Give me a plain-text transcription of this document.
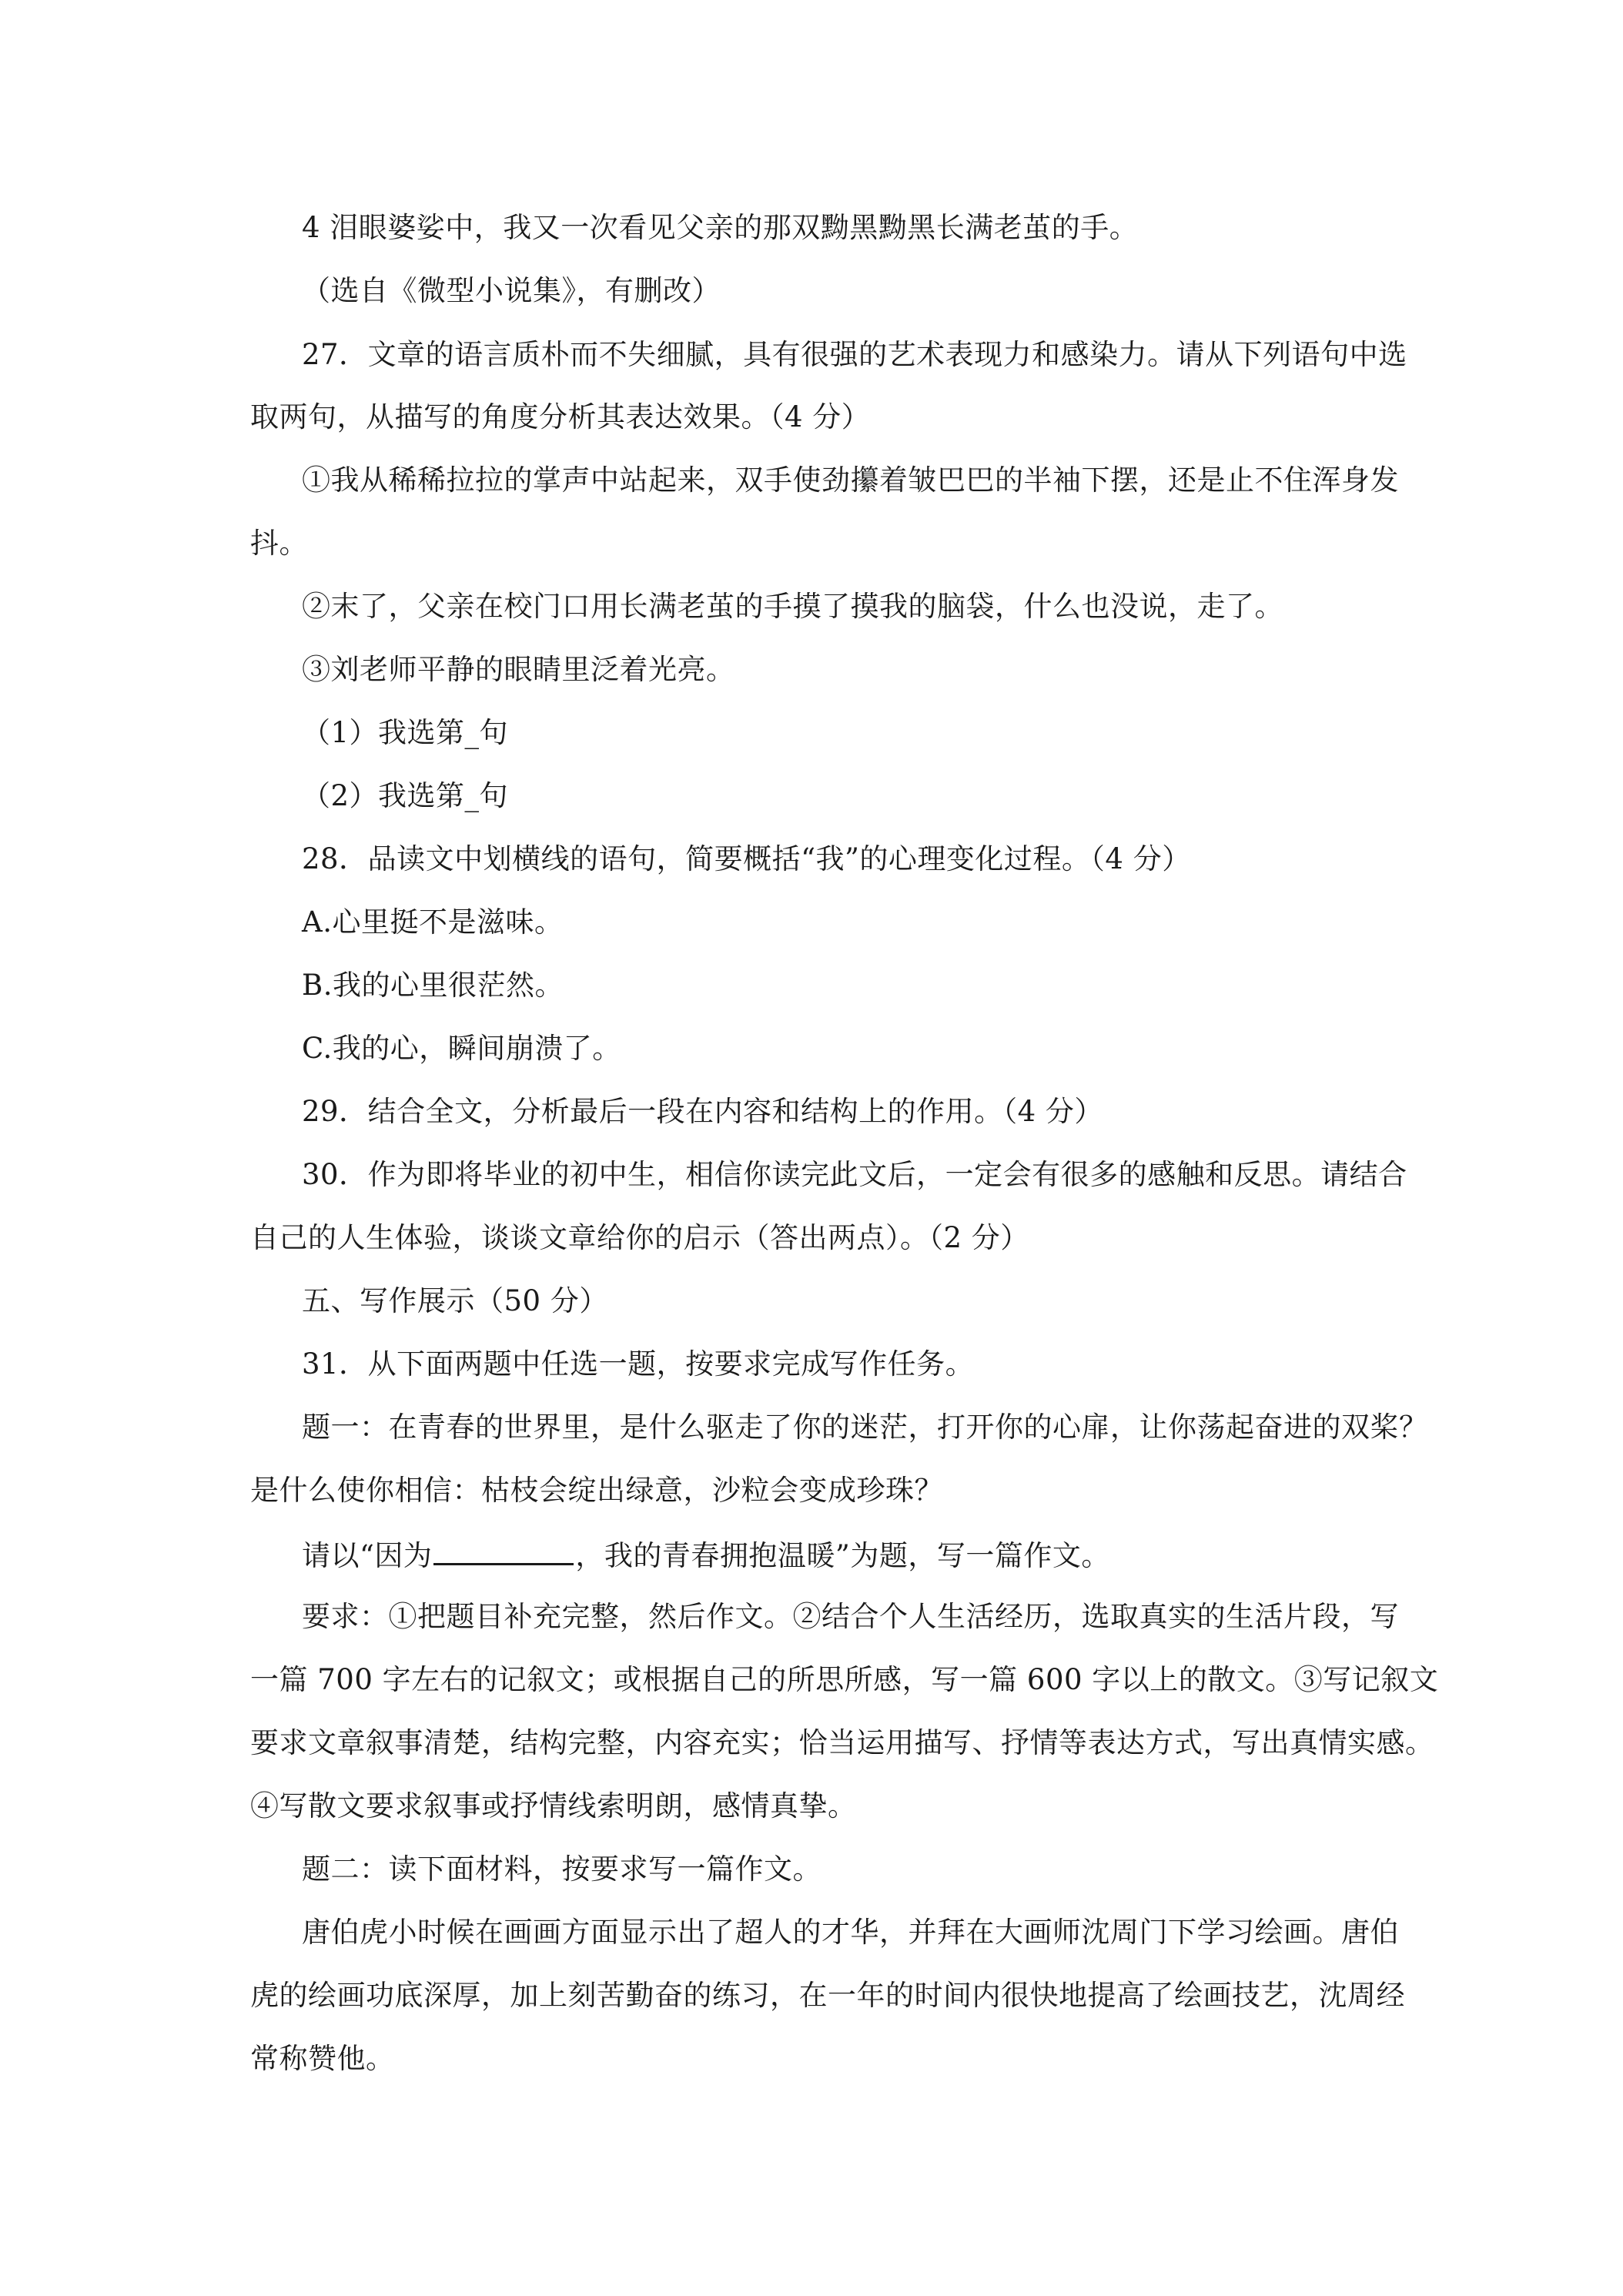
4 泪眼婆娑中，我又一次看见父亲的那双黝黑黝黑长满老茧的手。
（选自《微型小说集》，有删改）
27．文章的语言质朴而不失细腻，具有很强的艺术表现力和感染力。请从下列语句中选
取两句，从描写的角度分析其表达效果。（4 分）
①我从稀稀拉拉的掌声中站起来，双手使劲攥着皱巴巴的半袖下摆，还是止不住浑身发
抖。
②末了，父亲在校门口用长满老茧的手摸了摸我的脑袋，什么也没说，走了。
③刘老师平静的眼睛里泛着光亮。
（1）我选第_句
（2）我选第_句
28．品读文中划横线的语句，简要概括“我”的心理变化过程。（4 分）
A.心里挺不是滋味。
B.我的心里很茫然。
C.我的心，瞬间崩溃了。
29．结合全文，分析最后一段在内容和结构上的作用。（4 分）
30．作为即将毕业的初中生，相信你读完此文后，一定会有很多的感触和反思。请结合
自己的人生体验，谈谈文章给你的启示（答出两点）。（2 分）
五、写作展示（50 分）
31．从下面两题中任选一题，按要求完成写作任务。
题一：在青春的世界里，是什么驱走了你的迷茫，打开你的心扉，让你荡起奋进的双桨？
是什么使你相信：枯枝会绽出绿意，沙粒会变成珍珠？
请以“因为	，我的青春拥抱温暖”为题，写一篇作文。
要求：①把题目补充完整，然后作文。②结合个人生活经历，选取真实的生活片段，写
一篇 700 字左右的记叙文；或根据自己的所思所感，写一篇 600 字以上的散文。③写记叙文
要求文章叙事清楚，结构完整，内容充实；恰当运用描写、抒情等表达方式，写出真情实感。
④写散文要求叙事或抒情线索明朗，感情真挚。
题二：读下面材料，按要求写一篇作文。
唐伯虎小时候在画画方面显示出了超人的才华，并拜在大画师沈周门下学习绘画。唐伯
虎的绘画功底深厚，加上刻苦勤奋的练习，在一年的时间内很快地提高了绘画技艺，沈周经
常称赞他。
